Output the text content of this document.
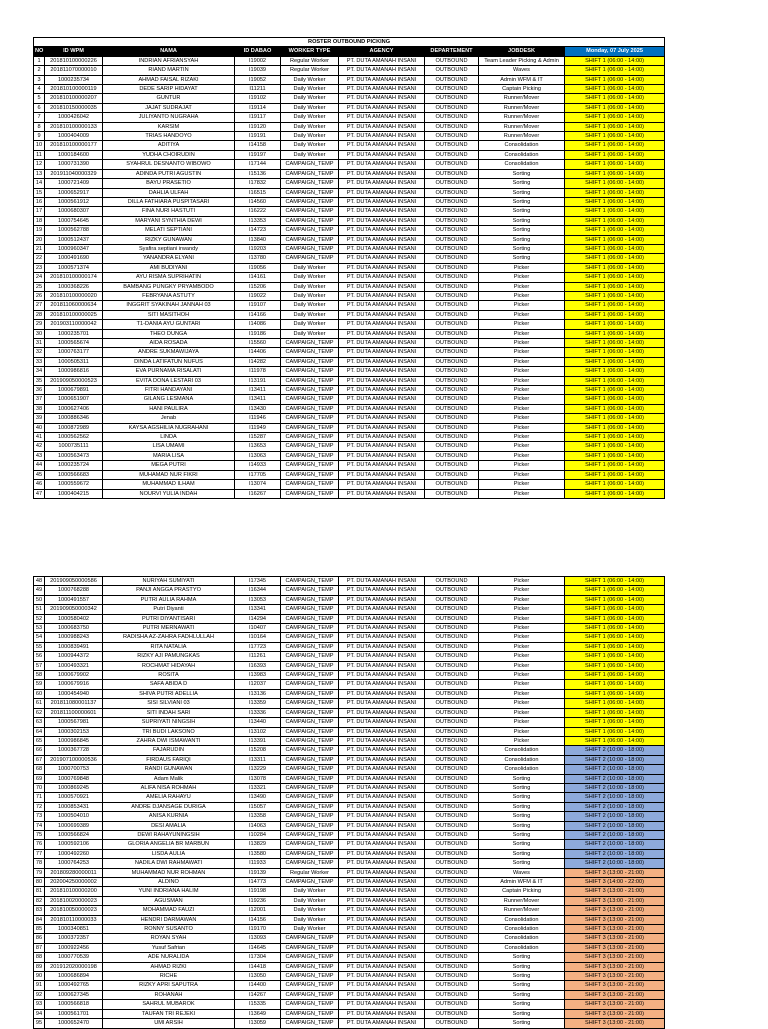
ROSTER OUTBOUND PICKING								
NO	ID WPM	NAMA	ID DABAO	WORKER TYPE	AGENCY	DEPARTEMENT	JOBDESK	Monday, 07 July 2025
1	201810100000226	INDRIAN AFRIANSYAH	I19002	Regular Worker	PT. DUTA AMANAH INSANI	OUTBOUND	Team Leader Picking & Admin	SHIFT 1 (06:00 - 14:00)
2	201811070000010	RIAND MARTIN	I19039	Regular Worker	PT. DUTA AMANAH INSANI	OUTBOUND	Waves	SHIFT 1 (06:00 - 14:00)
3	1000235734	AHMAD FAISAL RIZAKI	I19052	Daily Worker	PT. DUTA AMANAH INSANI	OUTBOUND	Admin WFM & IT	SHIFT 1 (06:00 - 14:00)
4	201810100000119	DEDE SARIP HIDAYAT	I11211	Daily Worker	PT. DUTA AMANAH INSANI	OUTBOUND	Captain Picking	SHIFT 1 (06:00 - 14:00)
5	201810100000207	GUNTUR	I19102	Daily Worker	PT. DUTA AMANAH INSANI	OUTBOUND	Runner/Mover	SHIFT 1 (06:00 - 14:00)
6	201810150000035	JAJAT SUDRAJAT	I19114	Daily Worker	PT. DUTA AMANAH INSANI	OUTBOUND	Runner/Mover	SHIFT 1 (06:00 - 14:00)
7	1000426042	JULIYANTO NUGRAHA	I19117	Daily Worker	PT. DUTA AMANAH INSANI	OUTBOUND	Runner/Mover	SHIFT 1 (06:00 - 14:00)
8	201810100000133	KARSIM	I19120	Daily Worker	PT. DUTA AMANAH INSANI	OUTBOUND	Runner/Mover	SHIFT 1 (06:00 - 14:00)
9	1000404009	TRIAS HANDOYO	I19191	Daily Worker	PT. DUTA AMANAH INSANI	OUTBOUND	Runner/Mover	SHIFT 1 (06:00 - 14:00)
10	201810100000177	ADITIYA	I14158	Daily Worker	PT. DUTA AMANAH INSANI	OUTBOUND	Consolidation	SHIFT 1 (06:00 - 14:00)
11	1000184600	YUDHA CHOIRUDIN	I19197	Daily Worker	PT. DUTA AMANAH INSANI	OUTBOUND	Consolidation	SHIFT 1 (06:00 - 14:00)
12	1000731390	SYAHRUL DESNANTO WIBOWO	I17144	CAMPAIGN_TEMP	PT. DUTA AMANAH INSANI	OUTBOUND	Consolidation	SHIFT 1 (06:00 - 14:00)
13	201911040000329	ADINDA PUTRI AGUSTIN	I15136	CAMPAIGN_TEMP	PT. DUTA AMANAH INSANI	OUTBOUND	Sorting	SHIFT 1 (06:00 - 14:00)
14	1000721409	BAYU PRASETIO	I17832	CAMPAIGN_TEMP	PT. DUTA AMANAH INSANI	OUTBOUND	Sorting	SHIFT 1 (06:00 - 14:00)
15	1000652917	DAHLIA ULFAH	I16515	CAMPAIGN_TEMP	PT. DUTA AMANAH INSANI	OUTBOUND	Sorting	SHIFT 1 (06:00 - 14:00)
16	1000561912	DILLA FATHIARA PUSPITASARI	I14560	CAMPAIGN_TEMP	PT. DUTA AMANAH INSANI	OUTBOUND	Sorting	SHIFT 1 (06:00 - 14:00)
17	1000680307	FINA NURI HASTUTI	I16222	CAMPAIGN_TEMP	PT. DUTA AMANAH INSANI	OUTBOUND	Sorting	SHIFT 1 (06:00 - 14:00)
18	1000754645	MARYANI SYNTHIA DEWI	I13353	CAMPAIGN_TEMP	PT. DUTA AMANAH INSANI	OUTBOUND	Sorting	SHIFT 1 (06:00 - 14:00)
19	1000562788	MELATI SEPTIANI	I14723	CAMPAIGN_TEMP	PT. DUTA AMANAH INSANI	OUTBOUND	Sorting	SHIFT 1 (06:00 - 14:00)
20	1000512437	RIZKY GUNAWAN	I13840	CAMPAIGN_TEMP	PT. DUTA AMANAH INSANI	OUTBOUND	Sorting	SHIFT 1 (06:00 - 14:00)
21	1000960347	Syafira septiani irwandy	I19203	CAMPAIGN_TEMP	PT. DUTA AMANAH INSANI	OUTBOUND	Sorting	SHIFT 1 (06:00 - 14:00)
22	1000491690	YANANDRA ELYANI	I13780	CAMPAIGN_TEMP	PT. DUTA AMANAH INSANI	OUTBOUND	Sorting	SHIFT 1 (06:00 - 14:00)
23	1000571374	AMI BUDIYANI	I19056	Daily Worker	PT. DUTA AMANAH INSANI	OUTBOUND	Picker	SHIFT 1 (06:00 - 14:00)
24	201810100000174	AYU RISMA SUPRIHATIN	I14161	Daily Worker	PT. DUTA AMANAH INSANI	OUTBOUND	Picker	SHIFT 1 (06:00 - 14:00)
25	1000368226	BAMBANG PUNGKY PRYAMBODO	I15206	Daily Worker	PT. DUTA AMANAH INSANI	OUTBOUND	Picker	SHIFT 1 (06:00 - 14:00)
26	201810100000020	FEBRYANA ASTUTY	I19022	Daily Worker	PT. DUTA AMANAH INSANI	OUTBOUND	Picker	SHIFT 1 (06:00 - 14:00)
27	201811060000634	INGGRIT SYAKINAH JANNAH 03	I19107	Daily Worker	PT. DUTA AMANAH INSANI	OUTBOUND	Picker	SHIFT 1 (06:00 - 14:00)
28	201810100000025	SITI MASITHOH	I14166	Daily Worker	PT. DUTA AMANAH INSANI	OUTBOUND	Picker	SHIFT 1 (06:00 - 14:00)
29	201903110000042	T1-DANIA AYU GUNTARI	I14086	Daily Worker	PT. DUTA AMANAH INSANI	OUTBOUND	Picker	SHIFT 1 (06:00 - 14:00)
30	1000235701	THEO DUNGA	I19186	Daily Worker	PT. DUTA AMANAH INSANI	OUTBOUND	Picker	SHIFT 1 (06:00 - 14:00)
31	1000565674	AIDA ROSADA	I15560	CAMPAIGN_TEMP	PT. DUTA AMANAH INSANI	OUTBOUND	Picker	SHIFT 1 (06:00 - 14:00)
32	1000763177	ANDRE SUKMAWIJAYA	I14406	CAMPAIGN_TEMP	PT. DUTA AMANAH INSANI	OUTBOUND	Picker	SHIFT 1 (06:00 - 14:00)
33	1000505311	DINDA LATIFATUN NUFUS	I14282	CAMPAIGN_TEMP	PT. DUTA AMANAH INSANI	OUTBOUND	Picker	SHIFT 1 (06:00 - 14:00)
34	1000986816	EVA PURNAMA RISALATI	I11978	CAMPAIGN_TEMP	PT. DUTA AMANAH INSANI	OUTBOUND	Picker	SHIFT 1 (06:00 - 14:00)
35	201909050000523	EVITA DONA LESTARI 03	I13191	CAMPAIGN_TEMP	PT. DUTA AMANAH INSANI	OUTBOUND	Picker	SHIFT 1 (06:00 - 14:00)
36	1000679891	FITRI HANDAYANI	I13411	CAMPAIGN_TEMP	PT. DUTA AMANAH INSANI	OUTBOUND	Picker	SHIFT 1 (06:00 - 14:00)
37	1000651907	GILANG LESMANA	I13411	CAMPAIGN_TEMP	PT. DUTA AMANAH INSANI	OUTBOUND	Picker	SHIFT 1 (06:00 - 14:00)
38	1000627406	HANI PAULIRA	I13430	CAMPAIGN_TEMP	PT. DUTA AMANAH INSANI	OUTBOUND	Picker	SHIFT 1 (06:00 - 14:00)
39	1000886346	Jenab	I11946	CAMPAIGN_TEMP	PT. DUTA AMANAH INSANI	OUTBOUND	Picker	SHIFT 1 (06:00 - 14:00)
40	1000872989	KAYSA AGSHILIA NUGRAHANI	I11949	CAMPAIGN_TEMP	PT. DUTA AMANAH INSANI	OUTBOUND	Picker	SHIFT 1 (06:00 - 14:00)
41	1000562562	LINDA	I15287	CAMPAIGN_TEMP	PT. DUTA AMANAH INSANI	OUTBOUND	Picker	SHIFT 1 (06:00 - 14:00)
42	1000735111	LISA UMAMI	I13653	CAMPAIGN_TEMP	PT. DUTA AMANAH INSANI	OUTBOUND	Picker	SHIFT 1 (06:00 - 14:00)
43	1000563473	MARIA LISA	I13063	CAMPAIGN_TEMP	PT. DUTA AMANAH INSANI	OUTBOUND	Picker	SHIFT 1 (06:00 - 14:00)
44	1000235724	MEGA PUTRI	I14933	CAMPAIGN_TEMP	PT. DUTA AMANAH INSANI	OUTBOUND	Picker	SHIFT 1 (06:00 - 14:00)
45	1000566683	MUHAMAD NUR FIKRI	I17705	CAMPAIGN_TEMP	PT. DUTA AMANAH INSANI	OUTBOUND	Picker	SHIFT 1 (06:00 - 14:00)
46	1000559672	MUHAMMAD ILHAM	I13074	CAMPAIGN_TEMP	PT. DUTA AMANAH INSANI	OUTBOUND	Picker	SHIFT 1 (06:00 - 14:00)
47	1000404215	NOURVI YULIA INDAH	I16267	CAMPAIGN_TEMP	PT. DUTA AMANAH INSANI	OUTBOUND	Picker	SHIFT 1 (06:00 - 14:00)
48	201909050000586	NURIYAH SUMIYATI	I17345	CAMPAIGN_TEMP	PT. DUTA AMANAH INSANI	OUTBOUND	Picker	SHIFT 1 (06:00 - 14:00)
49	1000768288	PANJI ANGGA PRASTYO	I16344	CAMPAIGN_TEMP	PT. DUTA AMANAH INSANI	OUTBOUND	Picker	SHIFT 1 (06:00 - 14:00)
50	1000491557	PUTRI AULIA RAHMA	I13053	CAMPAIGN_TEMP	PT. DUTA AMANAH INSANI	OUTBOUND	Picker	SHIFT 1 (06:00 - 14:00)
51	201909050000342	Putri Diyanti	I13341	CAMPAIGN_TEMP	PT. DUTA AMANAH INSANI	OUTBOUND	Picker	SHIFT 1 (06:00 - 14:00)
52	1000580402	PUTRI DIYANTISARI	I14294	CAMPAIGN_TEMP	PT. DUTA AMANAH INSANI	OUTBOUND	Picker	SHIFT 1 (06:00 - 14:00)
53	1000683750	PUTRI MERNAWATI	I10407	CAMPAIGN_TEMP	PT. DUTA AMANAH INSANI	OUTBOUND	Picker	SHIFT 1 (06:00 - 14:00)
54	1000988243	RADISHA AZ-ZAHRA FADHLULLAH	I10164	CAMPAIGN_TEMP	PT. DUTA AMANAH INSANI	OUTBOUND	Picker	SHIFT 1 (06:00 - 14:00)
55	1000839491	RITA NATALIA	I17723	CAMPAIGN_TEMP	PT. DUTA AMANAH INSANI	OUTBOUND	Picker	SHIFT 1 (06:00 - 14:00)
56	1000944372	RIZKY AJI PAMUNGKAS	I11261	CAMPAIGN_TEMP	PT. DUTA AMANAH INSANI	OUTBOUND	Picker	SHIFT 1 (06:00 - 14:00)
57	1000493321	ROCHMAT HIDAYAH	I16393	CAMPAIGN_TEMP	PT. DUTA AMANAH INSANI	OUTBOUND	Picker	SHIFT 1 (06:00 - 14:00)
58	1000679902	ROSITA	I13983	CAMPAIGN_TEMP	PT. DUTA AMANAH INSANI	OUTBOUND	Picker	SHIFT 1 (06:00 - 14:00)
59	1000679916	SAFA ABIDA D	I12037	CAMPAIGN_TEMP	PT. DUTA AMANAH INSANI	OUTBOUND	Picker	SHIFT 1 (06:00 - 14:00)
60	1000454940	SHIVA PUTRI ADELLIA	I13136	CAMPAIGN_TEMP	PT. DUTA AMANAH INSANI	OUTBOUND	Picker	SHIFT 1 (06:00 - 14:00)
61	201811080001137	SISI SILVIANI 03	I13359	CAMPAIGN_TEMP	PT. DUTA AMANAH INSANI	OUTBOUND	Picker	SHIFT 1 (06:00 - 14:00)
62	201811100000601	SITI INDAH SARI	I13336	CAMPAIGN_TEMP	PT. DUTA AMANAH INSANI	OUTBOUND	Picker	SHIFT 1 (06:00 - 14:00)
63	1000567981	SUPRIYATI NINGSIH	I13440	CAMPAIGN_TEMP	PT. DUTA AMANAH INSANI	OUTBOUND	Picker	SHIFT 1 (06:00 - 14:00)
64	1000302153	TRI BUDI LAKSONO	I13102	CAMPAIGN_TEMP	PT. DUTA AMANAH INSANI	OUTBOUND	Picker	SHIFT 1 (06:00 - 14:00)
65	1000986845	ZAHRA DWI ISMAWANTI	I13391	CAMPAIGN_TEMP	PT. DUTA AMANAH INSANI	OUTBOUND	Picker	SHIFT 1 (06:00 - 14:00)
66	1000367728	FAJARUDIN	I15208	CAMPAIGN_TEMP	PT. DUTA AMANAH INSANI	OUTBOUND	Consolidation	SHIFT 2 (10:00 - 18:00)
67	201907100000536	FIRDAUS FARIQI	I13311	CAMPAIGN_TEMP	PT. DUTA AMANAH INSANI	OUTBOUND	Consolidation	SHIFT 2 (10:00 - 18:00)
68	1000700753	RANDI GUNAWAN	I13229	CAMPAIGN_TEMP	PT. DUTA AMANAH INSANI	OUTBOUND	Consolidation	SHIFT 2 (10:00 - 18:00)
69	1000769848	Adam Malik	I13078	CAMPAIGN_TEMP	PT. DUTA AMANAH INSANI	OUTBOUND	Sorting	SHIFT 2 (10:00 - 18:00)
70	1000869245	ALIFA NISA ROHMAH	I13321	CAMPAIGN_TEMP	PT. DUTA AMANAH INSANI	OUTBOUND	Sorting	SHIFT 2 (10:00 - 18:00)
71	1000570921	AMELIA RAHAYU	I13490	CAMPAIGN_TEMP	PT. DUTA AMANAH INSANI	OUTBOUND	Sorting	SHIFT 2 (10:00 - 18:00)
72	1000853431	ANDRE DJANSAGE DURIGA	I15057	CAMPAIGN_TEMP	PT. DUTA AMANAH INSANI	OUTBOUND	Sorting	SHIFT 2 (10:00 - 18:00)
73	1000504010	ANISA KURNIA	I13358	CAMPAIGN_TEMP	PT. DUTA AMANAH INSANI	OUTBOUND	Sorting	SHIFT 2 (10:00 - 18:00)
74	1000699389	DESI AMALIA	I14063	CAMPAIGN_TEMP	PT. DUTA AMANAH INSANI	OUTBOUND	Sorting	SHIFT 2 (10:00 - 18:00)
75	1000566824	DEWI RAHAYUNINGSIH	I10284	CAMPAIGN_TEMP	PT. DUTA AMANAH INSANI	OUTBOUND	Sorting	SHIFT 2 (10:00 - 18:00)
76	1000592106	GLORIA ANGELIA BR MARBUN	I13829	CAMPAIGN_TEMP	PT. DUTA AMANAH INSANI	OUTBOUND	Sorting	SHIFT 2 (10:00 - 18:00)
77	1000492260	LISDA AULIA	I13580	CAMPAIGN_TEMP	PT. DUTA AMANAH INSANI	OUTBOUND	Sorting	SHIFT 2 (10:00 - 18:00)
78	1000764253	NADILA DWI RAHMAWATI	I11933	CAMPAIGN_TEMP	PT. DUTA AMANAH INSANI	OUTBOUND	Sorting	SHIFT 2 (10:00 - 18:00)
79	201809280000011	MUHAMMAD NUR ROHMAN	I19139	Regular Worker	PT. DUTA AMANAH INSANI	OUTBOUND	Waves	SHIFT 3 (13:00 - 21:00)
80	202004250000002	ALDINO	I14773	CAMPAIGN_TEMP	PT. DUTA AMANAH INSANI	OUTBOUND	Admin WFM & IT	SHIFT 3 (14:00 - 22:00)
81	201810100000200	YUNI INDRIANA HALIM	I19198	Daily Worker	PT. DUTA AMANAH INSANI	OUTBOUND	Captain Picking	SHIFT 3 (13:00 - 21:00)
82	201810020000023	AGUSMAN	I19236	Daily Worker	PT. DUTA AMANAH INSANI	OUTBOUND	Runner/Mover	SHIFT 3 (13:00 - 21:00)
83	201810050000023	MOHAMMAD FAUZI	I12001	Daily Worker	PT. DUTA AMANAH INSANI	OUTBOUND	Runner/Mover	SHIFT 3 (13:00 - 21:00)
84	201810110000033	HENDRI DARMAWAN	I14156	Daily Worker	PT. DUTA AMANAH INSANI	OUTBOUND	Consolidation	SHIFT 3 (13:00 - 21:00)
85	1000340851	RONNY SUSANTO	I19170	Daily Worker	PT. DUTA AMANAH INSANI	OUTBOUND	Consolidation	SHIFT 3 (13:00 - 21:00)
86	1000372357	ROYAN SYAH	I13093	CAMPAIGN_TEMP	PT. DUTA AMANAH INSANI	OUTBOUND	Consolidation	SHIFT 3 (13:00 - 21:00)
87	1000922456	Yusuf Safrian	I14645	CAMPAIGN_TEMP	PT. DUTA AMANAH INSANI	OUTBOUND	Consolidation	SHIFT 3 (13:00 - 21:00)
88	1000770539	ADE NURALIDA	I17304	CAMPAIGN_TEMP	PT. DUTA AMANAH INSANI	OUTBOUND	Sorting	SHIFT 3 (13:00 - 21:00)
89	201912020000198	AHMAD RIZKI	I14418	CAMPAIGN_TEMP	PT. DUTA AMANAH INSANI	OUTBOUND	Sorting	SHIFT 3 (13:00 - 21:00)
90	1000686894	RICHE	I13050	CAMPAIGN_TEMP	PT. DUTA AMANAH INSANI	OUTBOUND	Sorting	SHIFT 3 (13:00 - 21:00)
91	1000492765	RIZKY APRI SAPUTRA	I14400	CAMPAIGN_TEMP	PT. DUTA AMANAH INSANI	OUTBOUND	Sorting	SHIFT 3 (13:00 - 21:00)
92	1000627345	ROHANAH	I14267	CAMPAIGN_TEMP	PT. DUTA AMANAH INSANI	OUTBOUND	Sorting	SHIFT 3 (13:00 - 21:00)
93	1000566818	SAHRUL MUBAROK	I15335	CAMPAIGN_TEMP	PT. DUTA AMANAH INSANI	OUTBOUND	Sorting	SHIFT 3 (13:00 - 21:00)
94	1000561701	TAUFAN TRI REJEKI	I13649	CAMPAIGN_TEMP	PT. DUTA AMANAH INSANI	OUTBOUND	Sorting	SHIFT 3 (13:00 - 21:00)
95	1000652470	UMI ARSIH	I13059	CAMPAIGN_TEMP	PT. DUTA AMANAH INSANI	OUTBOUND	Sorting	SHIFT 3 (13:00 - 21:00)
